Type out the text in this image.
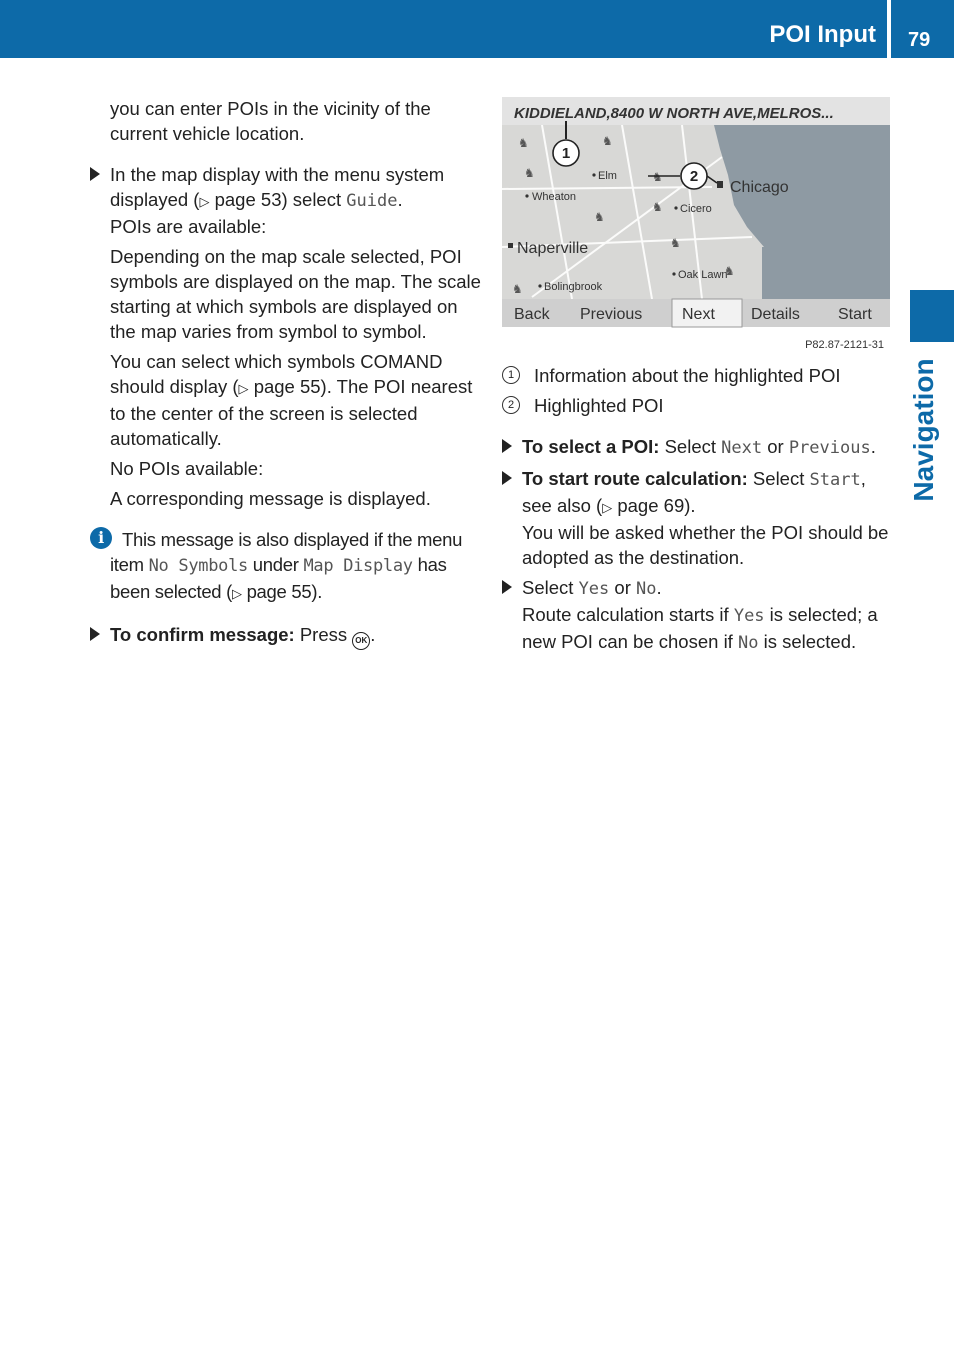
POI Input 79
Navigation
you can enter POIs in the vicinity of the current vehicle location.
In the map display with the menu system displayed (▷ page 53) select Guide.
POIs are available:
Depending on the map scale selected, POI symbols are displayed on the map. The scale starting at which symbols are displayed on the map varies from symbol to symbol.
You can select which symbols COMAND should display (▷ page 55). The POI nearest to the center of the screen is selected automatically.
No POIs available:
A corresponding message is displayed.
i This message is also displayed if the menu item No Symbols under Map Display has been selected (▷ page 55).
To confirm message: Press OK .
KIDDIELAND,8400 W NORTH AVE,MELROS...
♞	♞
♞	♞
♞
♞
♞
♞
♞
Elm
Chicago
Wheaton
Cicero
Naperville
Oak Lawn
Bolingbrook
1
2
Back Previous Next Details Start
P82.87-2121-31
1	Information about the highlighted POI
2	Highlighted POI
To select a POI: Select Next or Previous.
To start route calculation: Select Start, see also (▷ page 69).
You will be asked whether the POI should be adopted as the destination.
Select Yes or No.
Route calculation starts if Yes is selected; a new POI can be chosen if No is selected.
